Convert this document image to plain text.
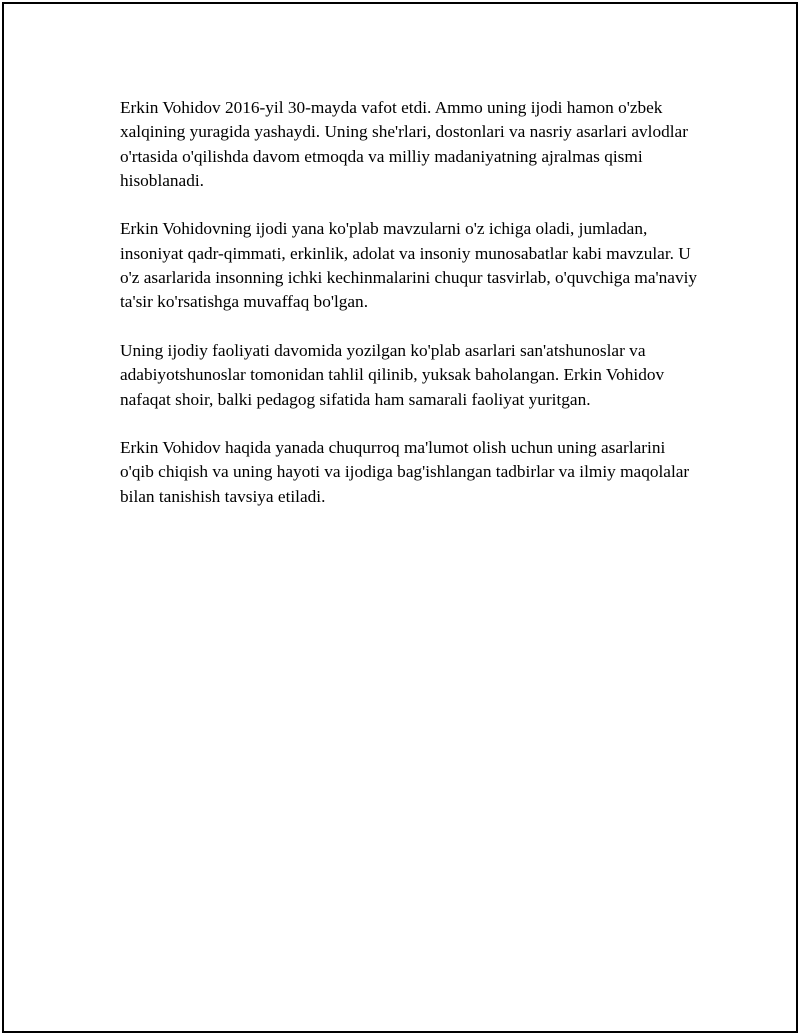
Erkin Vohidov 2016-yil 30-mayda vafot etdi. Ammo uning ijodi hamon o'zbek xalqining yuragida yashaydi. Uning she'rlari, dostonlari va nasriy asarlari avlodlar o'rtasida o'qilishda davom etmoqda va milliy madaniyatning ajralmas qismi hisoblanadi.

Erkin Vohidovning ijodi yana ko'plab mavzularni o'z ichiga oladi, jumladan, insoniyat qadr-qimmati, erkinlik, adolat va insoniy munosabatlar kabi mavzular. U o'z asarlarida insonning ichki kechinmalarini chuqur tasvirlab, o'quvchiga ma'naviy ta'sir ko'rsatishga muvaffaq bo'lgan.

Uning ijodiy faoliyati davomida yozilgan ko'plab asarlari san'atshunoslar va adabiyotshunoslar tomonidan tahlil qilinib, yuksak baholangan. Erkin Vohidov nafaqat shoir, balki pedagog sifatida ham samarali faoliyat yuritgan.

Erkin Vohidov haqida yanada chuqurroq ma'lumot olish uchun uning asarlarini o'qib chiqish va uning hayoti va ijodiga bag'ishlangan tadbirlar va ilmiy maqolalar bilan tanishish tavsiya etiladi.
